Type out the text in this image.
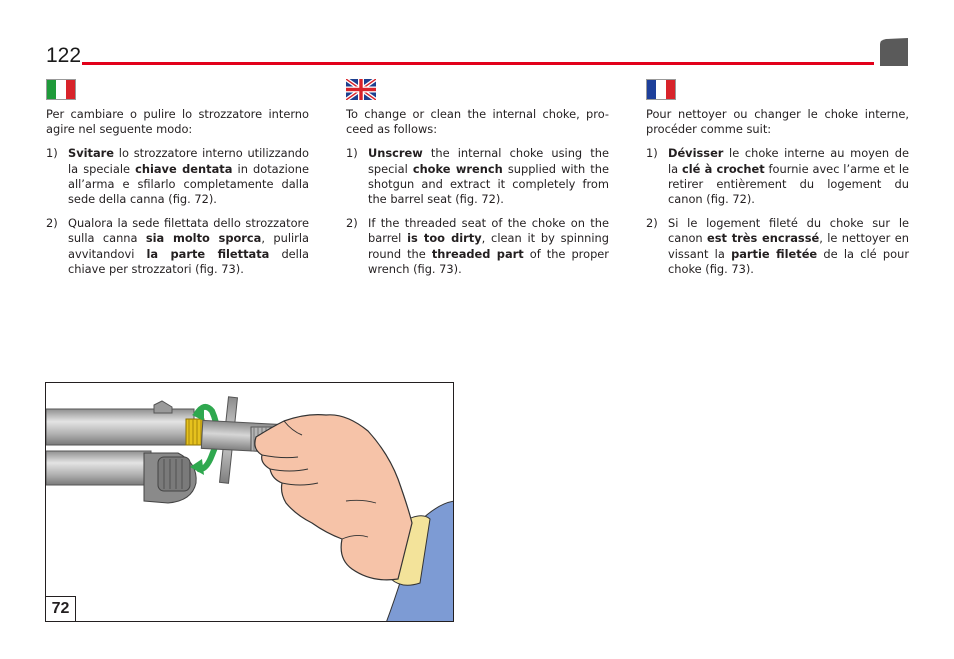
122

Per cambiare o pulire lo strozzatore interno agire nel seguente modo:

1) Svitare lo strozzatore interno utilizzando la speciale chiave dentata in dotazione all’arma e sfilarlo completamente dalla sede della canna (fig. 72).
2) Qualora la sede filettata dello strozzatore sulla canna sia molto sporca, pulirla avvitandovi la parte filettata della chiave per strozzatori (fig. 73).

To change or clean the internal choke, pro-ceed as follows:

1) Unscrew the internal choke using the special choke wrench supplied with the shotgun and extract it completely from the barrel seat (fig. 72).
2) If the threaded seat of the choke on the barrel is too dirty, clean it by spinning round the threaded part of the proper wrench (fig. 73).

Pour nettoyer ou changer le choke interne, procéder comme suit:

1) Dévisser le choke interne au moyen de la clé à crochet fournie avec l’arme et le retirer entièrement du logement du canon (fig. 72).
2) Si le logement fileté du choke sur le canon est très encrassé, le nettoyer en vissant la partie filetée de la clé pour choke (fig. 73).
72
